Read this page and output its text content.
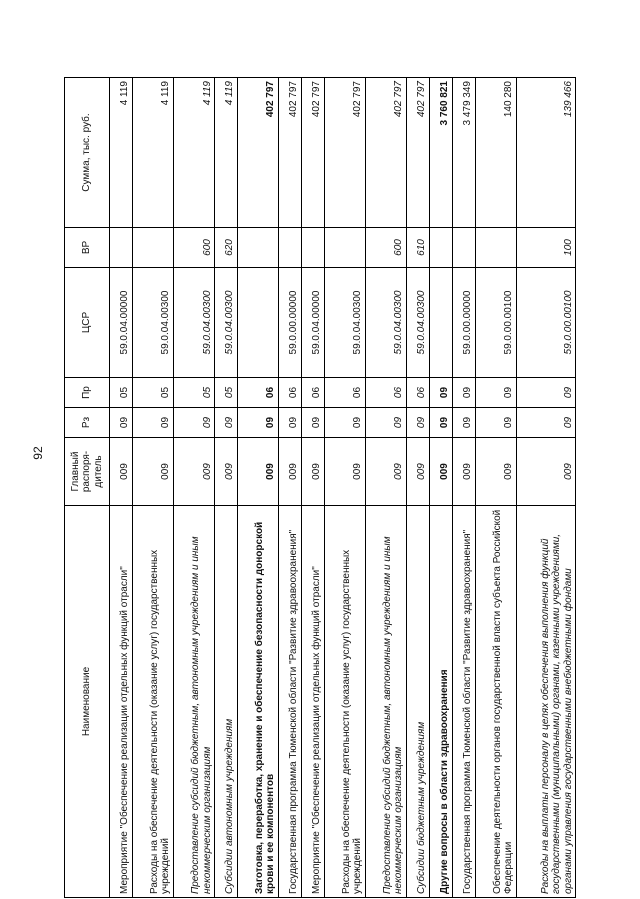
92
Наименование	Главный распоря-дитель	Рз	Пр	ЦСР	ВР	Сумма, тыс. руб.
Мероприятие "Обеспечение реализации отдельных функций отрасли"	009	09	05	59.0.04.00000		4 119
Расходы на обеспечение деятельности (оказание услуг) государственных учреждений	009	09	05	59.0.04.00300		4 119
Предоставление субсидий бюджетным, автономным учреждениям и иным некоммерческим организациям	009	09	05	59.0.04.00300	600	4 119
Субсидии автономным учреждениям	009	09	05	59.0.04.00300	620	4 119
Заготовка, переработка, хранение и обеспечение безопасности донорской крови и ее компонентов	009	09	06			402 797
Государственная программа Тюменской области "Развитие здравоохранения"	009	09	06	59.0.00.00000		402 797
Мероприятие "Обеспечение реализации отдельных функций отрасли"	009	09	06	59.0.04.00000		402 797
Расходы на обеспечение деятельности (оказание услуг) государственных учреждений	009	09	06	59.0.04.00300		402 797
Предоставление субсидий бюджетным, автономным учреждениям и иным некоммерческим организациям	009	09	06	59.0.04.00300	600	402 797
Субсидии бюджетным учреждениям	009	09	06	59.0.04.00300	610	402 797
Другие вопросы в области здравоохранения	009	09	09			3 760 821
Государственная программа Тюменской области "Развитие здравоохранения"	009	09	09	59.0.00.00000		3 479 349
Обеспечение деятельности органов государственной власти субъекта Российской Федерации	009	09	09	59.0.00.00100		140 280
Расходы на выплаты персоналу в целях обеспечения выполнения функций государственными (муниципальными) органами, казенными учреждениями, органами управления государственными внебюджетными фондами	009	09	09	59.0.00.00100	100	139 466
